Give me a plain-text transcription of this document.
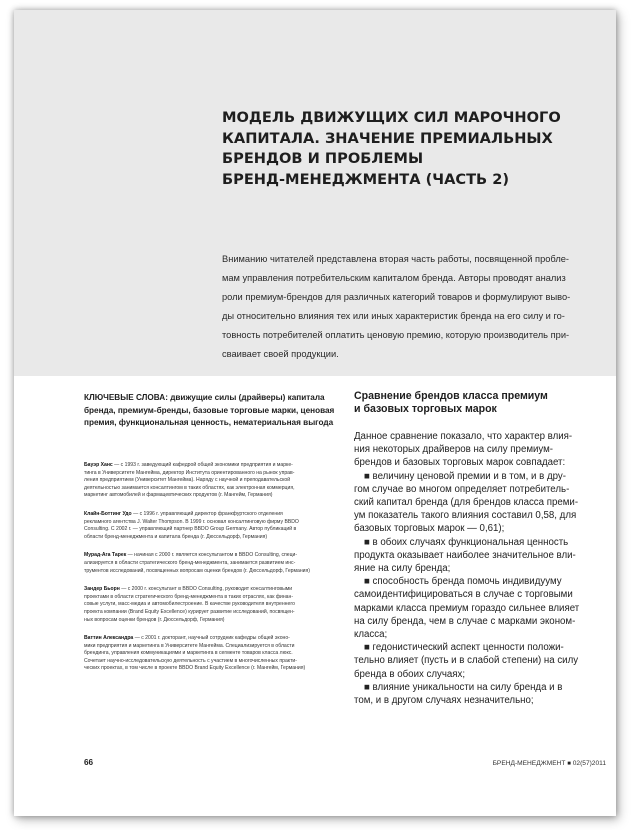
МОДЕЛЬ ДВИЖУЩИХ СИЛ МАРОЧНОГО
КАПИТАЛА. ЗНАЧЕНИЕ ПРЕМИАЛЬНЫХ
БРЕНДОВ И ПРОБЛЕМЫ
БРЕНД-МЕНЕДЖМЕНТА (ЧАСТЬ 2)

Вниманию читателей представлена вторая часть работы, посвященной пробле-
мам управления потребительским капиталом бренда. Авторы проводят анализ
роли премиум-брендов для различных категорий товаров и формулируют выво-
ды относительно влияния тех или иных характеристик бренда на его силу и го-
товность потребителей оплатить ценовую премию, которую производитель при-
сваивает своей продукции.

КЛЮЧЕВЫЕ СЛОВА: движущие силы (драйверы) капитала
бренда, премиум-бренды, базовые торговые марки, ценовая
премия, функциональная ценность, нематериальная выгода

Бауэр Ханс — с 1993 г. заведующий кафедрой общей экономики предприятия и марке-
тинга в Университете Мангейма, директор Института ориентированного на рынок управ-
ления предприятием (Университет Мангейма). Наряду с научной и преподавательской
деятельностью занимается консалтингом в таких областях, как электронная коммерция,
маркетинг автомобилей и фармацевтических продуктов (г. Мангейм, Германия)

Клайн-Боттинг Удо — с 1996 г. управляющий директор франкфуртского отделения
рекламного агентства J. Walter Thompson. В 1999 г. основал консалтинговую фирму BBDO
Consulting. С 2002 г. — управляющий партнер BBDO Group Germany. Автор публикаций в
области бренд-менеджмента и капитала бренда (г. Дюссельдорф, Германия)

Мурад-Ага Тарек — начиная с 2000 г. является консультантом в BBDO Consulting, специ-
ализируется в области стратегического бренд-менеджмента, занимается развитием инс-
трументов исследований, посвященных вопросам оценки брендов (г. Дюссельдорф, Германия)

Зандер Бьорн — с 2000 г. консультант в BBDO Consulting, руководит консалтинговыми
проектами в области стратегического бренд-менеджмента в таких отраслях, как финан-
совые услуги, масс-медиа и автомобилестроение. В качестве руководителя внутреннего
проекта компании (Brand Equity Excellence) курирует развитие исследований, посвящен-
ных вопросам оценки брендов (г. Дюссельдорф, Германия)

Ваттин Александра — с 2001 г. докторант, научный сотрудник кафедры общей эконо-
мики предприятия и маркетинга в Университете Мангейма. Специализируется в области
брендинга, управления коммуникациями и маркетинга в сегменте товаров класса люкс.
Сочетает научно-исследовательскую деятельность с участием в многочисленных практи-
ческих проектах, в том числе в проекте BBDO Brand Equity Excellence (г. Мангейм, Германия)

Сравнение брендов класса премиум
и базовых торговых марок

Данное сравнение показало, что характер влия-
ния некоторых драйверов на силу премиум-
брендов и базовых торговых марок совпадает:
■ величину ценовой премии и в том, и в дру-
гом случае во многом определяет потребитель-
ский капитал бренда (для брендов класса преми-
ум показатель такого влияния составил 0,58, для
базовых торговых марок — 0,61);
■ в обоих случаях функциональная ценность
продукта оказывает наиболее значительное вли-
яние на силу бренда;
■ способность бренда помочь индивидууму
самоидентифицироваться в случае с торговыми
марками класса премиум гораздо сильнее влияет
на силу бренда, чем в случае с марками эконом-
класса;
■ гедонистический аспект ценности положи-
тельно влияет (пусть и в слабой степени) на силу
бренда в обоих случаях;
■ влияние уникальности на силу бренда и в
том, и в другом случаях незначительно;

66	БРЕНД-МЕНЕДЖМЕНТ ■ 02(57)2011
